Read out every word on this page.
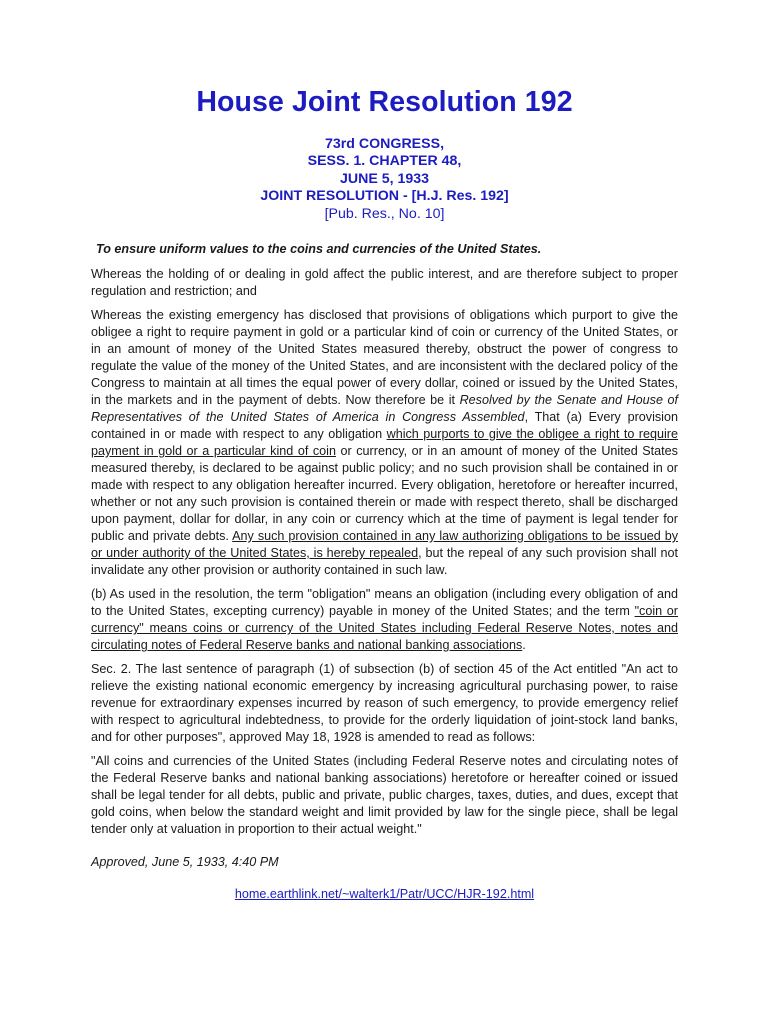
House Joint Resolution 192
73rd CONGRESS,
SESS. 1. CHAPTER 48,
JUNE 5, 1933
JOINT RESOLUTION - [H.J. Res. 192]
[Pub. Res., No. 10]
To ensure uniform values to the coins and currencies of the United States.

Whereas the holding of or dealing in gold affect the public interest, and are therefore subject to proper regulation and restriction; and

Whereas the existing emergency has disclosed that provisions of obligations which purport to give the obligee a right to require payment in gold or a particular kind of coin or currency of the United States, or in an amount of money of the United States measured thereby, obstruct the power of congress to regulate the value of the money of the United States, and are inconsistent with the declared policy of the Congress to maintain at all times the equal power of every dollar, coined or issued by the United States, in the markets and in the payment of debts. Now therefore be it Resolved by the Senate and House of Representatives of the United States of America in Congress Assembled, That (a) Every provision contained in or made with respect to any obligation which purports to give the obligee a right to require payment in gold or a particular kind of coin or currency, or in an amount of money of the United States measured thereby, is declared to be against public policy; and no such provision shall be contained in or made with respect to any obligation hereafter incurred. Every obligation, heretofore or hereafter incurred, whether or not any such provision is contained therein or made with respect thereto, shall be discharged upon payment, dollar for dollar, in any coin or currency which at the time of payment is legal tender for public and private debts. Any such provision contained in any law authorizing obligations to be issued by or under authority of the United States, is hereby repealed, but the repeal of any such provision shall not invalidate any other provision or authority contained in such law.

(b) As used in the resolution, the term "obligation" means an obligation (including every obligation of and to the United States, excepting currency) payable in money of the United States; and the term "coin or currency" means coins or currency of the United States including Federal Reserve Notes, notes and circulating notes of Federal Reserve banks and national banking associations.

Sec. 2. The last sentence of paragraph (1) of subsection (b) of section 45 of the Act entitled "An act to relieve the existing national economic emergency by increasing agricultural purchasing power, to raise revenue for extraordinary expenses incurred by reason of such emergency, to provide emergency relief with respect to agricultural indebtedness, to provide for the orderly liquidation of joint-stock land banks, and for other purposes", approved May 18, 1928 is amended to read as follows:

"All coins and currencies of the United States (including Federal Reserve notes and circulating notes of the Federal Reserve banks and national banking associations) heretofore or hereafter coined or issued shall be legal tender for all debts, public and private, public charges, taxes, duties, and dues, except that gold coins, when below the standard weight and limit provided by law for the single piece, shall be legal tender only at valuation in proportion to their actual weight."

Approved, June 5, 1933, 4:40 PM
home.earthlink.net/~walterk1/Patr/UCC/HJR-192.html
